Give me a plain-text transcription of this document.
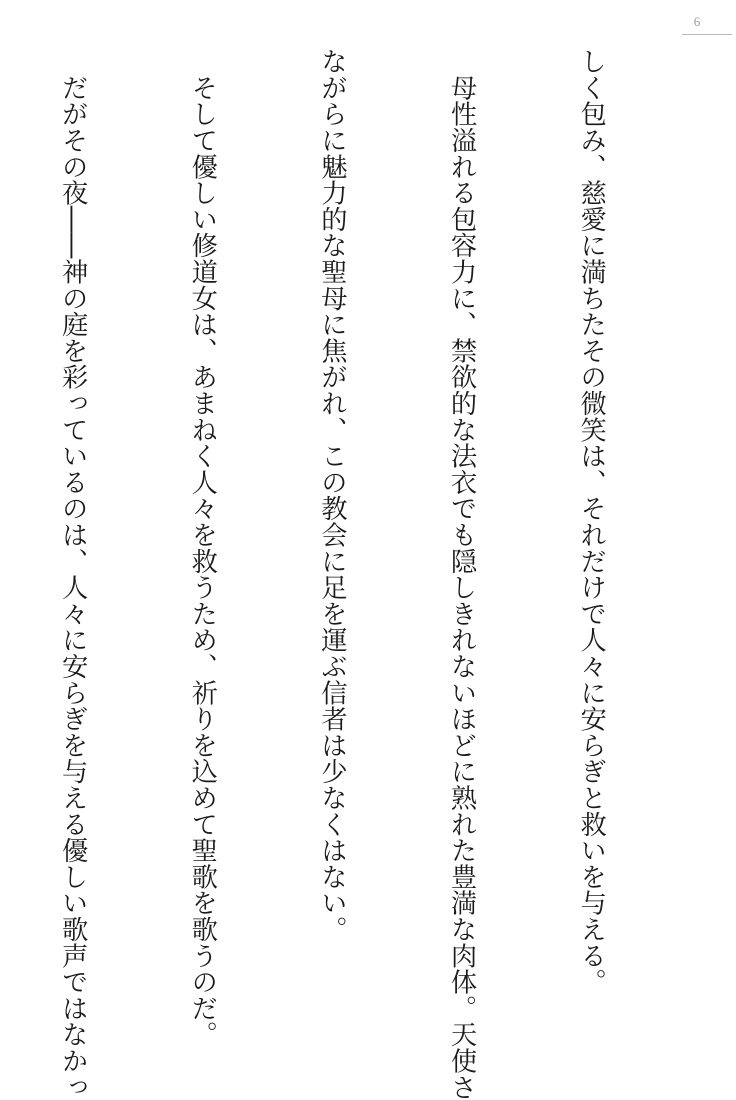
6

しく包み、慈愛に満ちたその微笑は、それだけで人々に安らぎと救いを与える。

　母性溢れる包容力に、禁欲的な法衣でも隠しきれないほどに熟れた豊満な肉体。天使さ

ながらに魅力的な聖母に焦がれ、この教会に足を運ぶ信者は少なくはない。

　そして優しい修道女は、あまねく人々を救うため、祈りを込めて聖歌を歌うのだ。

　だがその夜――神の庭を彩っているのは、人々に安らぎを与える優しい歌声ではなかっ
